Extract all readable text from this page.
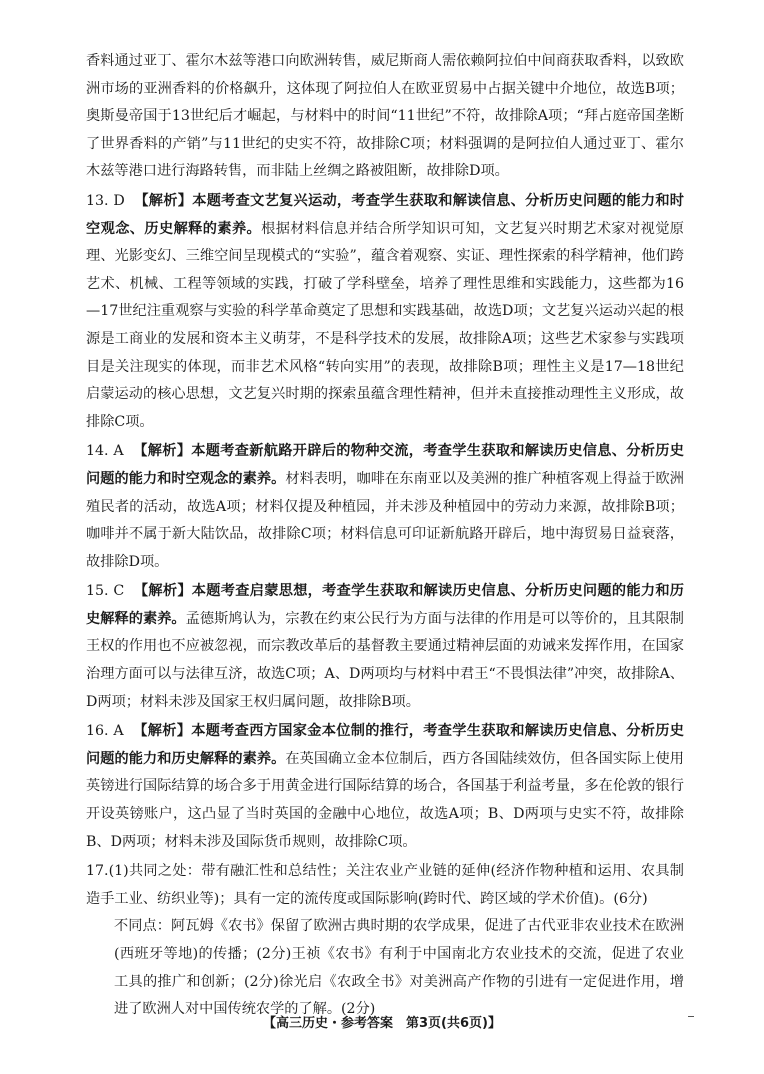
香料通过亚丁、霍尔木兹等港口向欧洲转售，威尼斯商人需依赖阿拉伯中间商获取香料，以致欧洲市场的亚洲香料的价格飙升，这体现了阿拉伯人在欧亚贸易中占据关键中介地位，故选B项；奥斯曼帝国于13世纪后才崛起，与材料中的时间“11世纪”不符，故排除A项；“拜占庭帝国垄断了世界香料的产销”与11世纪的史实不符，故排除C项；材料强调的是阿拉伯人通过亚丁、霍尔木兹等港口进行海路转售，而非陆上丝绸之路被阻断，故排除D项。

13. D 【解析】本题考查文艺复兴运动，考查学生获取和解读信息、分析历史问题的能力和时空观念、历史解释的素养。根据材料信息并结合所学知识可知，文艺复兴时期艺术家对视觉原理、光影变幻、三维空间呈现模式的“实验”，蕴含着观察、实证、理性探索的科学精神，他们跨艺术、机械、工程等领域的实践，打破了学科壁垒，培养了理性思维和实践能力，这些都为16—17世纪注重观察与实验的科学革命奠定了思想和实践基础，故选D项；文艺复兴运动兴起的根源是工商业的发展和资本主义萌芽，不是科学技术的发展，故排除A项；这些艺术家参与实践项目是关注现实的体现，而非艺术风格“转向实用”的表现，故排除B项；理性主义是17—18世纪启蒙运动的核心思想，文艺复兴时期的探索虽蕴含理性精神，但并未直接推动理性主义形成，故排除C项。
14. A 【解析】本题考查新航路开辟后的物种交流，考查学生获取和解读历史信息、分析历史问题的能力和时空观念的素养。材料表明，咖啡在东南亚以及美洲的推广种植客观上得益于欧洲殖民者的活动，故选A项；材料仅提及种植园，并未涉及种植园中的劳动力来源，故排除B项；咖啡并不属于新大陆饮品，故排除C项；材料信息可印证新航路开辟后，地中海贸易日益衰落，故排除D项。
15. C 【解析】本题考查启蒙思想，考查学生获取和解读历史信息、分析历史问题的能力和历史解释的素养。孟德斯鸠认为，宗教在约束公民行为方面与法律的作用是可以等价的，且其限制王权的作用也不应被忽视，而宗教改革后的基督教主要通过精神层面的劝诫来发挥作用，在国家治理方面可以与法律互济，故选C项；A、D两项均与材料中君王“不畏惧法律”冲突，故排除A、D两项；材料未涉及国家王权归属问题，故排除B项。
16. A 【解析】本题考查西方国家金本位制的推行，考查学生获取和解读历史信息、分析历史问题的能力和历史解释的素养。在英国确立金本位制后，西方各国陆续效仿，但各国实际上使用英镑进行国际结算的场合多于用黄金进行国际结算的场合，各国基于利益考量，多在伦敦的银行开设英镑账户，这凸显了当时英国的金融中心地位，故选A项；B、D两项与史实不符，故排除B、D两项；材料未涉及国际货币规则，故排除C项。
17.(1)共同之处：带有融汇性和总结性；关注农业产业链的延伸(经济作物种植和运用、农具制造手工业、纺织业等)；具有一定的流传度或国际影响(跨时代、跨区域的学术价值)。(6分)
不同点：阿瓦姆《农书》保留了欧洲古典时期的农学成果，促进了古代亚非农业技术在欧洲(西班牙等地)的传播；(2分)王祯《农书》有利于中国南北方农业技术的交流，促进了农业工具的推广和创新；(2分)徐光启《农政全书》对美洲高产作物的引进有一定促进作用，增进了欧洲人对中国传统农学的了解。(2分)
【高三历史・参考答案　第3页(共6页)】
